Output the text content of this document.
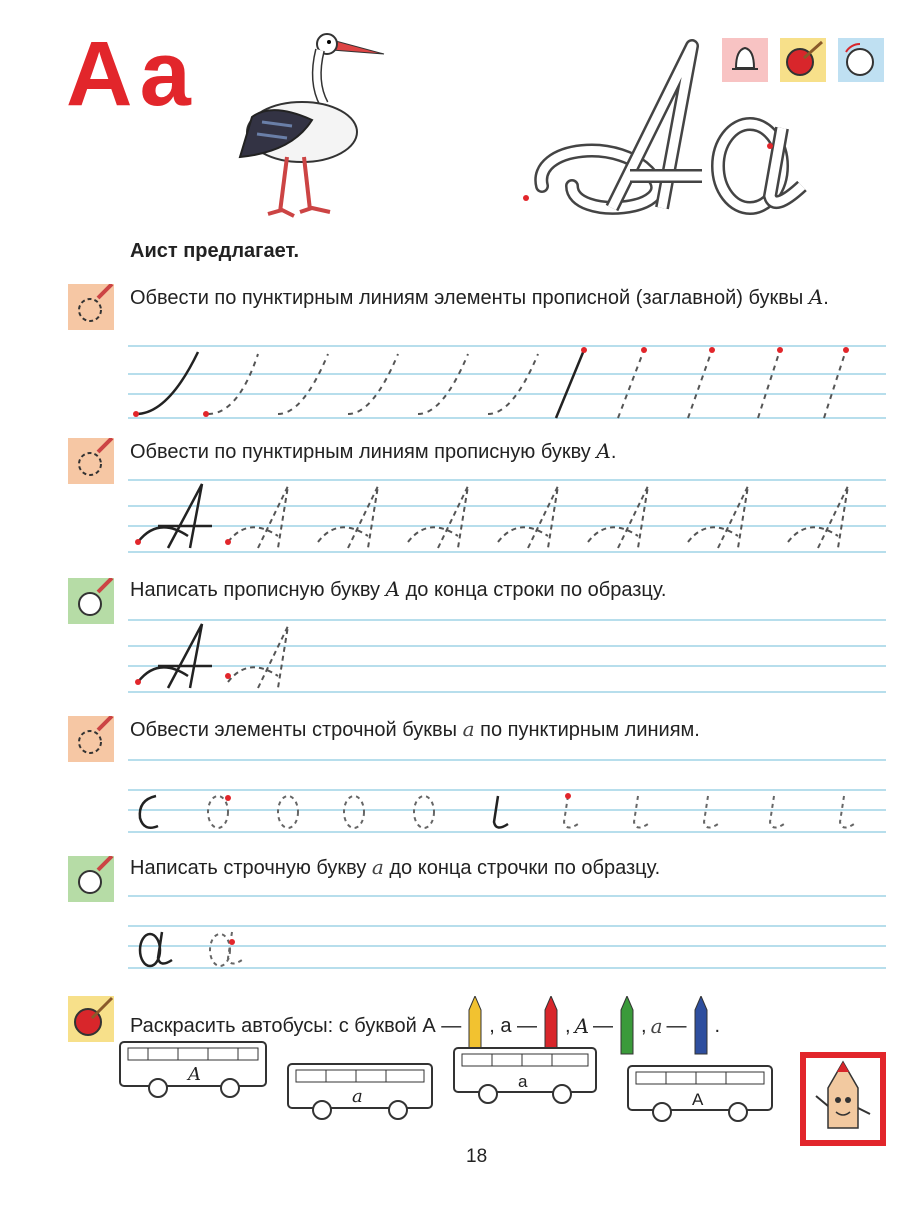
Аа
Аист предлагает.
Обвести по пунктирным линиям элементы прописной (заглавной) буквы A.
Обвести по пунктирным линиям прописную букву A.
Написать прописную букву A до конца строки по образцу.
Обвести элементы строчной буквы a по пунктирным линиям.
Написать строчную букву a до конца строчки по образцу.
Раскрасить автобусы: с буквой А — , а — , A — , a — .
A
a
а
А
18
